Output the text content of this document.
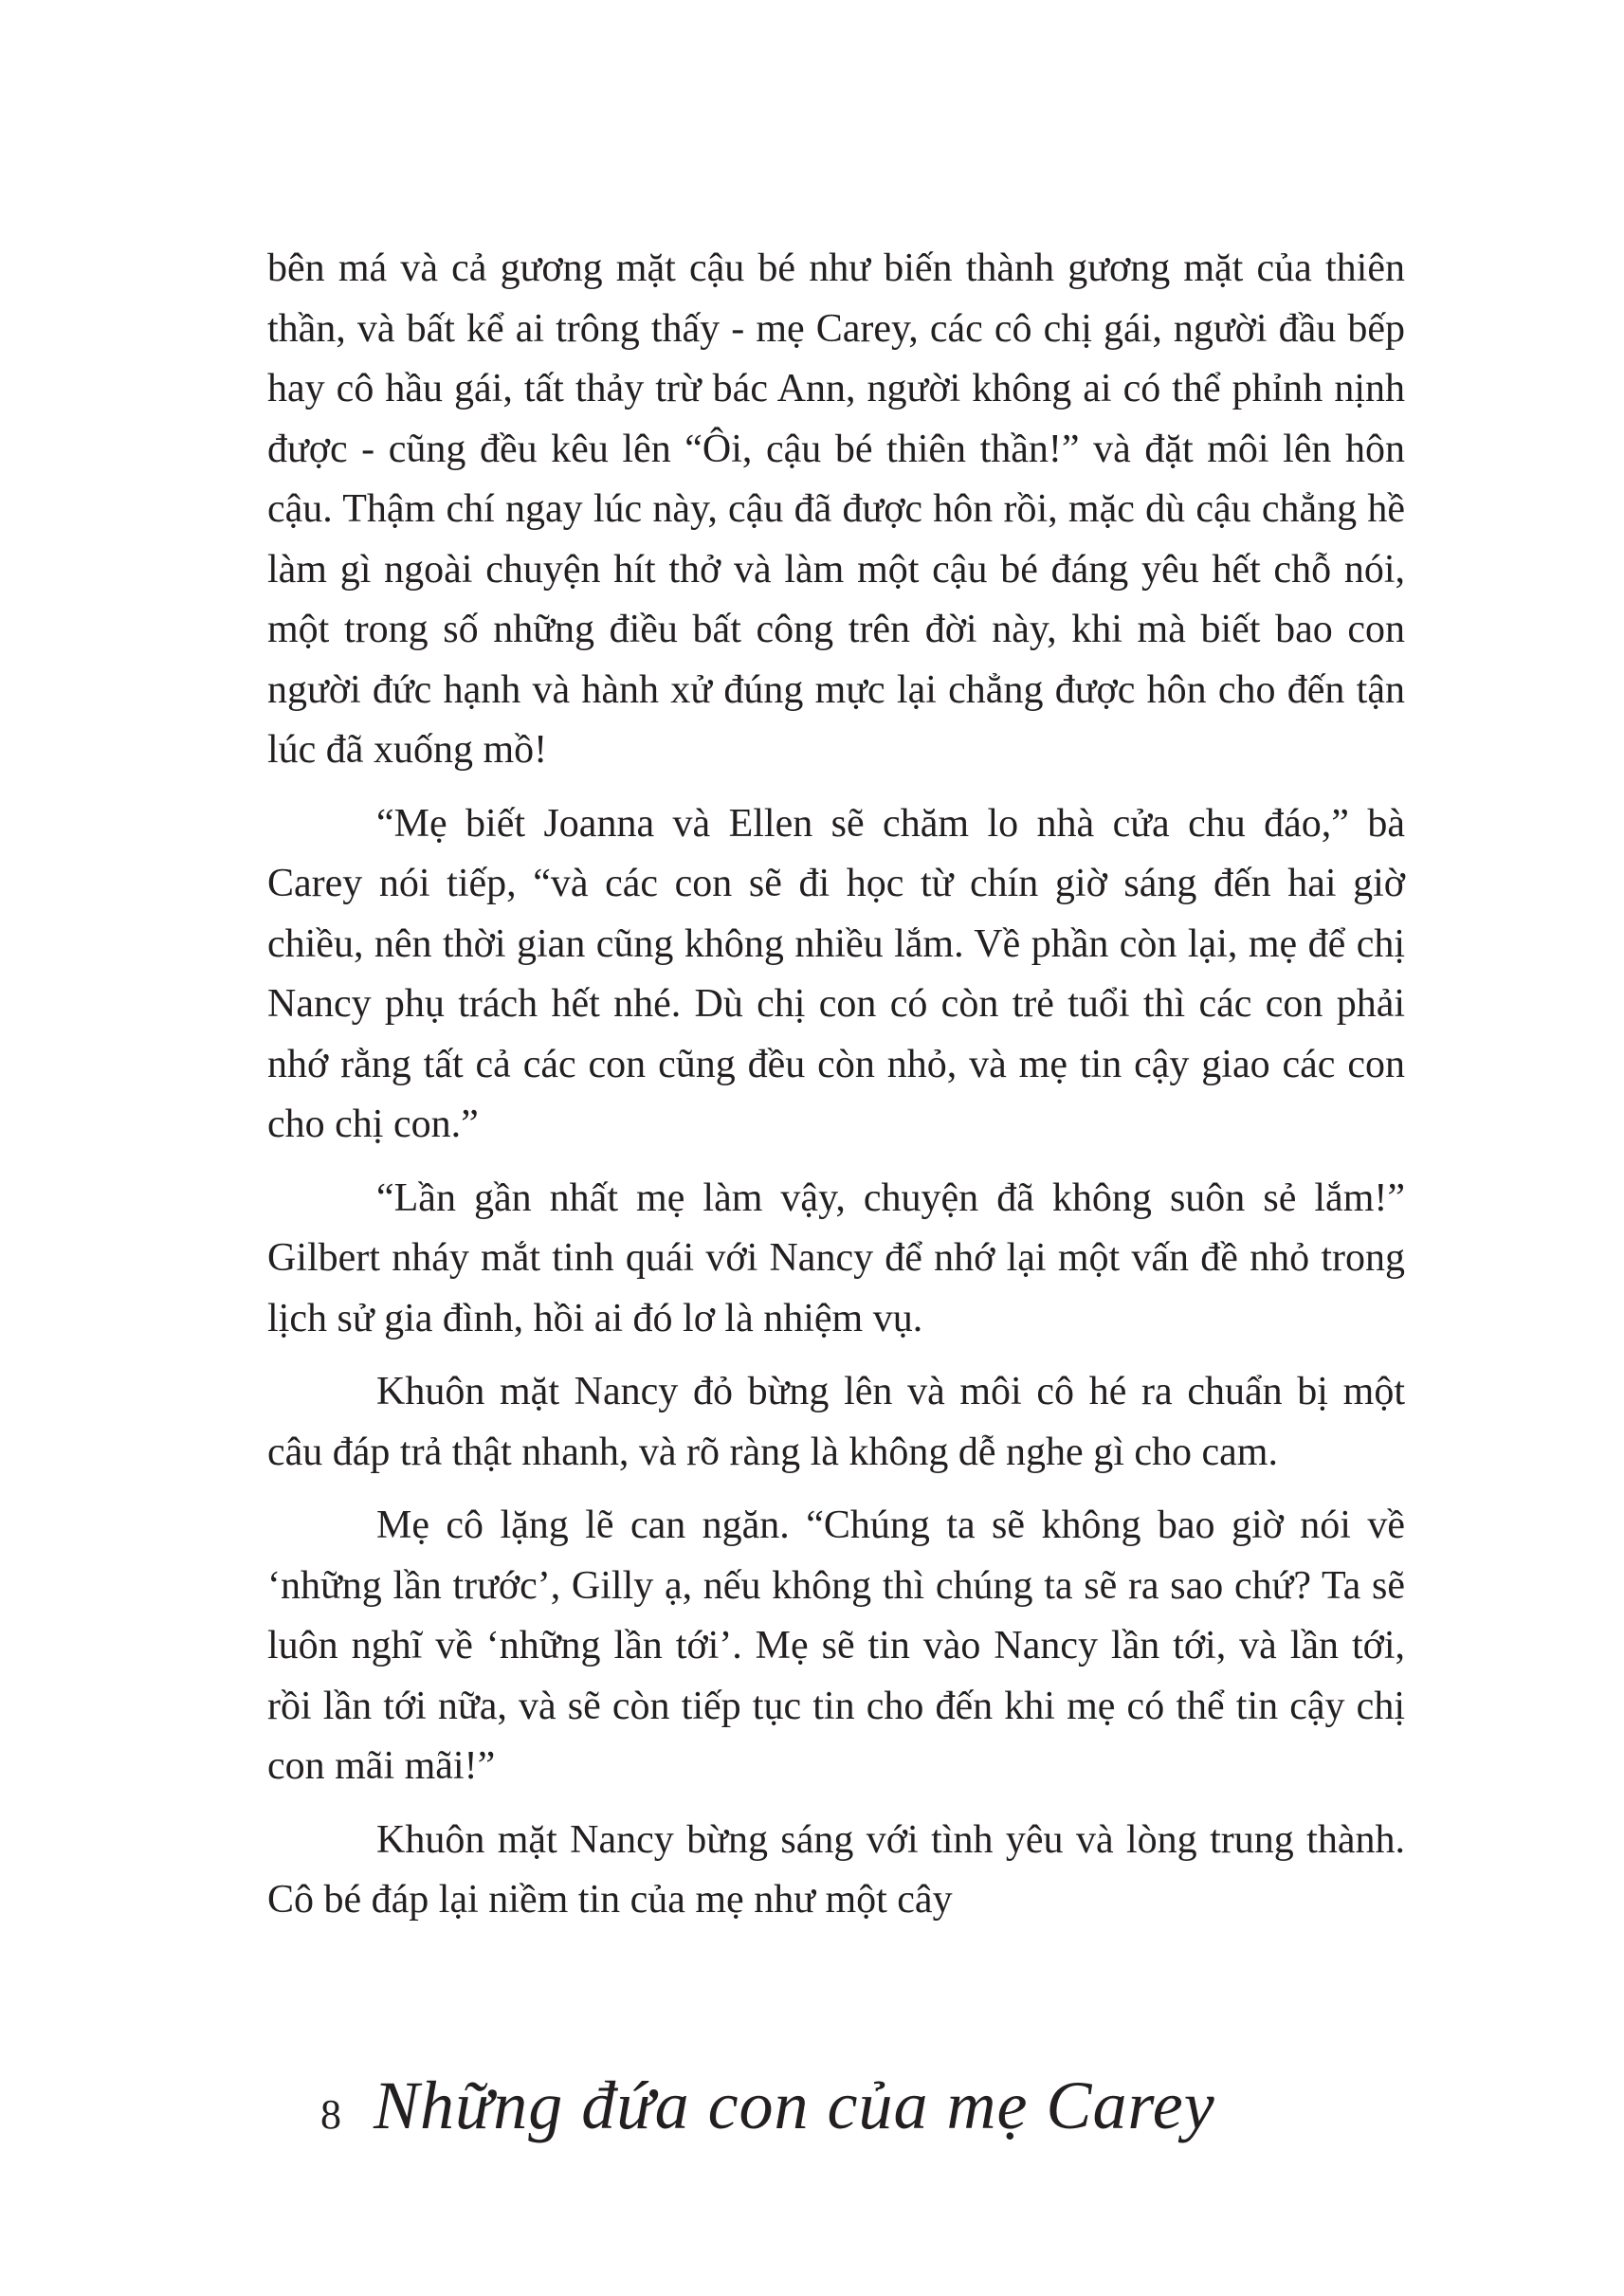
bên má và cả gương mặt cậu bé như biến thành gương mặt của thiên thần, và bất kể ai trông thấy - mẹ Carey, các cô chị gái, người đầu bếp hay cô hầu gái, tất thảy trừ bác Ann, người không ai có thể phỉnh nịnh được - cũng đều kêu lên “Ôi, cậu bé thiên thần!” và đặt môi lên hôn cậu. Thậm chí ngay lúc này, cậu đã được hôn rồi, mặc dù cậu chẳng hề làm gì ngoài chuyện hít thở và làm một cậu bé đáng yêu hết chỗ nói, một trong số những điều bất công trên đời này, khi mà biết bao con người đức hạnh và hành xử đúng mực lại chẳng được hôn cho đến tận lúc đã xuống mồ!

“Mẹ biết Joanna và Ellen sẽ chăm lo nhà cửa chu đáo,” bà Carey nói tiếp, “và các con sẽ đi học từ chín giờ sáng đến hai giờ chiều, nên thời gian cũng không nhiều lắm. Về phần còn lại, mẹ để chị Nancy phụ trách hết nhé. Dù chị con có còn trẻ tuổi thì các con phải nhớ rằng tất cả các con cũng đều còn nhỏ, và mẹ tin cậy giao các con cho chị con.”

“Lần gần nhất mẹ làm vậy, chuyện đã không suôn sẻ lắm!” Gilbert nháy mắt tinh quái với Nancy để nhớ lại một vấn đề nhỏ trong lịch sử gia đình, hồi ai đó lơ là nhiệm vụ.

Khuôn mặt Nancy đỏ bừng lên và môi cô hé ra chuẩn bị một câu đáp trả thật nhanh, và rõ ràng là không dễ nghe gì cho cam.

Mẹ cô lặng lẽ can ngăn. “Chúng ta sẽ không bao giờ nói về ‘những lần trước’, Gilly ạ, nếu không thì chúng ta sẽ ra sao chứ? Ta sẽ luôn nghĩ về ‘những lần tới’. Mẹ sẽ tin vào Nancy lần tới, và lần tới, rồi lần tới nữa, và sẽ còn tiếp tục tin cho đến khi mẹ có thể tin cậy chị con mãi mãi!”

Khuôn mặt Nancy bừng sáng với tình yêu và lòng trung thành. Cô bé đáp lại niềm tin của mẹ như một cây

8 Những đứa con của mẹ Carey
